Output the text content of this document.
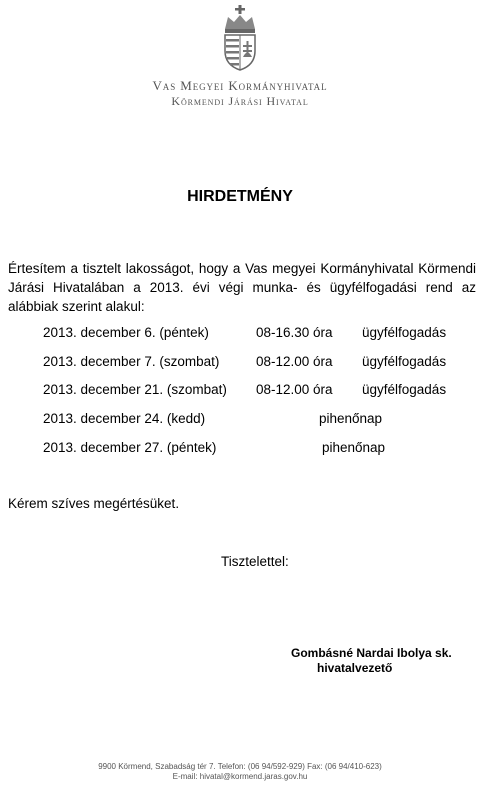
Vas Megyei Kormányhivatal
Körmendi Járási Hivatal
HIRDETMÉNY
Értesítem a tisztelt lakosságot, hogy a Vas megyei Kormányhivatal Körmendi Járási Hivatalában a 2013. évi végi munka- és ügyfélfogadási rend az alábbiak szerint alakul:
2013. december 6. (péntek)	08-16.30 óra ügyfélfogadás
2013. december 7. (szombat)	08-12.00 óra ügyfélfogadás
2013. december 21. (szombat) 08-12.00 óra ügyfélfogadás
2013. december 24. (kedd)	pihenőnap
2013. december 27. (péntek)	pihenőnap
Kérem szíves megértésüket.
Tisztelettel:
Gombásné Nardai Ibolya sk.
hivatalvezető
9900 Körmend, Szabadság tér 7. Telefon: (06 94/592-929) Fax: (06 94/410-623)
E-mail: hivatal@kormend.jaras.gov.hu
